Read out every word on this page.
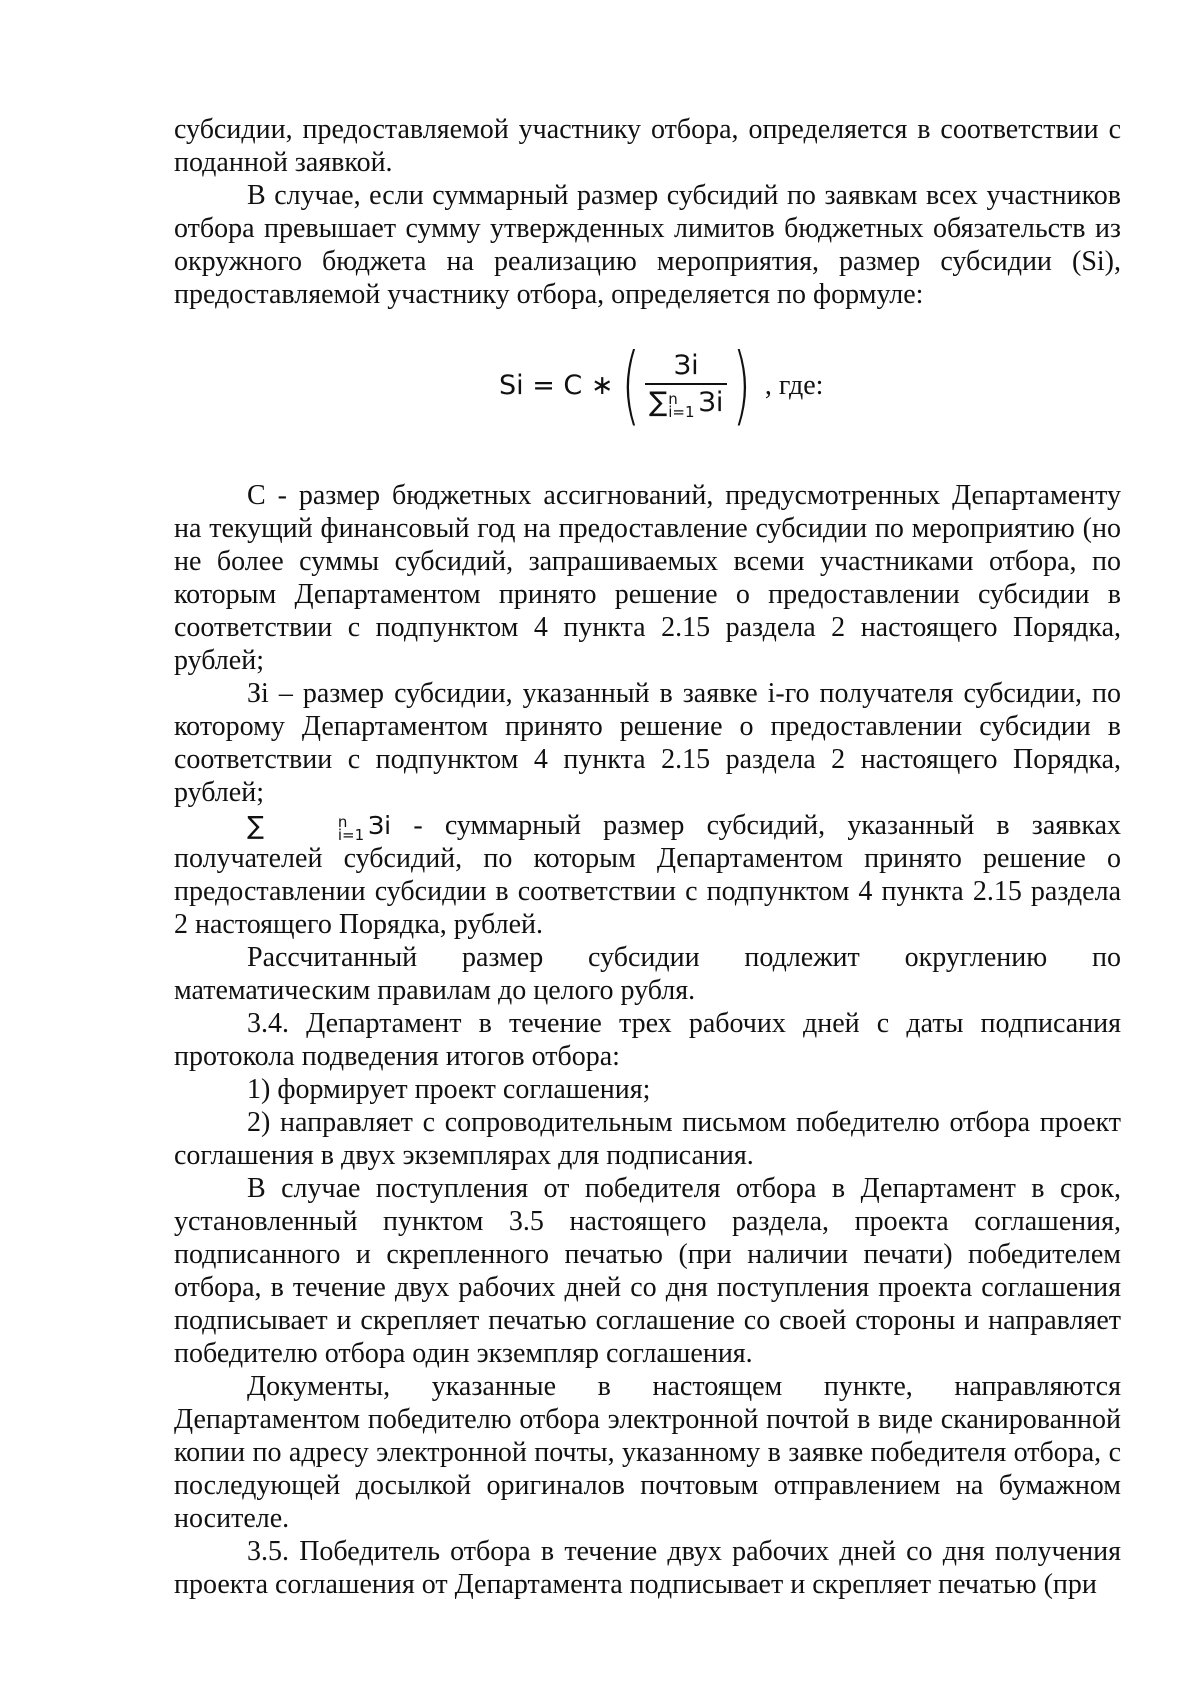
субсидии, предоставляемой участнику отбора, определяется в соответствии с поданной заявкой.

В случае, если суммарный размер субсидий по заявкам всех участников отбора превышает сумму утвержденных лимитов бюджетных обязательств из окружного бюджета на реализацию мероприятия, размер субсидии (Si), предоставляемой участнику отбора, определяется по формуле:

Si = C ∗ ( Зi
∑ n
i=1 Зi ) , где:

С - размер бюджетных ассигнований, предусмотренных Департаменту на текущий финансовый год на предоставление субсидии по мероприятию (но не более суммы субсидий, запрашиваемых всеми участниками отбора, по которым Департаментом принято решение о предоставлении субсидии в соответствии с подпунктом 4 пункта 2.15 раздела 2 настоящего Порядка, рублей;

Зi – размер субсидии, указанный в заявке i-го получателя субсидии, по которому Департаментом принято решение о предоставлении субсидии в соответствии с подпунктом 4 пункта 2.15 раздела 2 настоящего Порядка, рублей;

∑	n
i=1 Зi - суммарный размер субсидий, указанный в заявках получателей субсидий, по которым Департаментом принято решение о предоставлении субсидии в соответствии с подпунктом 4 пункта 2.15 раздела 2 настоящего Порядка, рублей.

Рассчитанный размер субсидии подлежит округлению по математическим правилам до целого рубля.

3.4. Департамент в течение трех рабочих дней с даты подписания протокола подведения итогов отбора:

1) формирует проект соглашения;

2) направляет с сопроводительным письмом победителю отбора проект соглашения в двух экземплярах для подписания.

В случае поступления от победителя отбора в Департамент в срок, установленный пунктом 3.5 настоящего раздела, проекта соглашения, подписанного и скрепленного печатью (при наличии печати) победителем отбора, в течение двух рабочих дней со дня поступления проекта соглашения подписывает и скрепляет печатью соглашение со своей стороны и направляет победителю отбора один экземпляр соглашения.

Документы, указанные в настоящем пункте, направляются Департаментом победителю отбора электронной почтой в виде сканированной копии по адресу электронной почты, указанному в заявке победителя отбора, с последующей досылкой оригиналов почтовым отправлением на бумажном носителе.

3.5. Победитель отбора в течение двух рабочих дней со дня получения проекта соглашения от Департамента подписывает и скрепляет печатью (при
